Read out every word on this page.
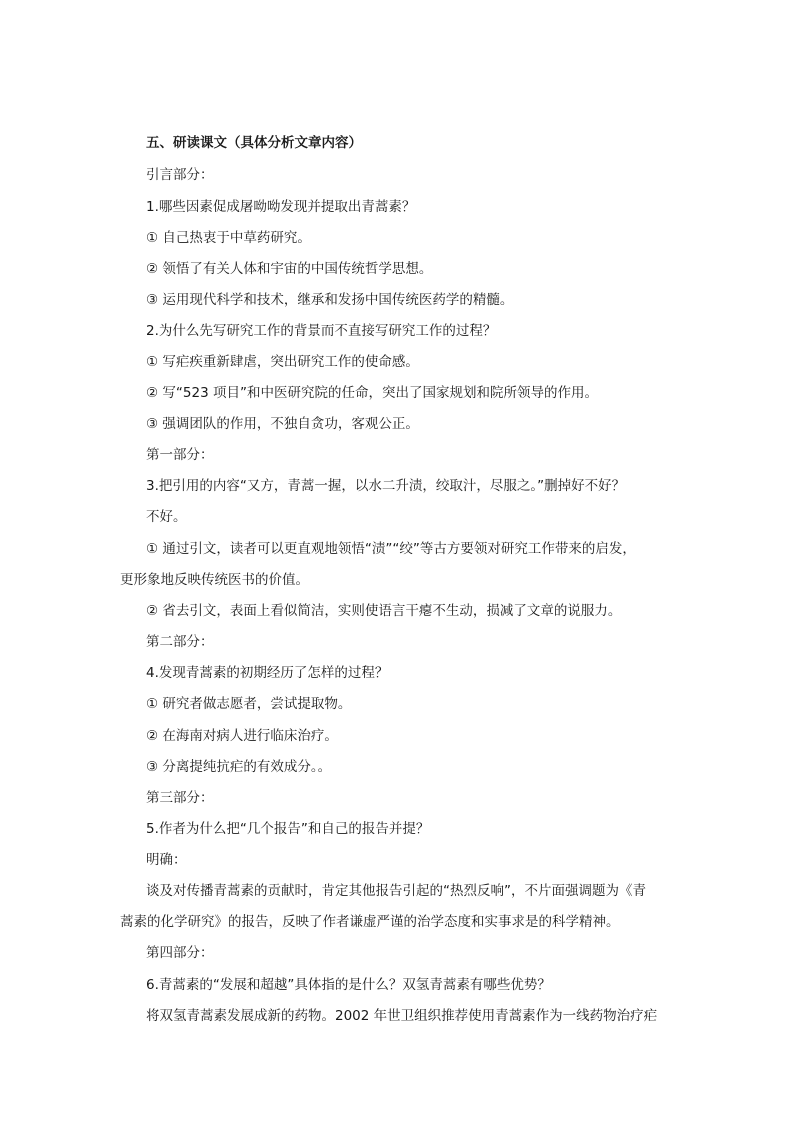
五、研读课文（具体分析文章内容）
引言部分：
1.哪些因素促成屠呦呦发现并提取出青蒿素？
① 自己热衷于中草药研究。
② 领悟了有关人体和宇宙的中国传统哲学思想。
③ 运用现代科学和技术，继承和发扬中国传统医药学的精髓。
2.为什么先写研究工作的背景而不直接写研究工作的过程？
① 写疟疾重新肆虐，突出研究工作的使命感。
② 写“523 项目”和中医研究院的任命，突出了国家规划和院所领导的作用。
③ 强调团队的作用，不独自贪功，客观公正。
第一部分：
3.把引用的内容“又方，青蒿一握，以水二升渍，绞取汁，尽服之。”删掉好不好？
不好。
① 通过引文，读者可以更直观地领悟“渍”“绞”等古方要领对研究工作带来的启发，
更形象地反映传统医书的价值。
② 省去引文，表面上看似简洁，实则使语言干瘪不生动，损减了文章的说服力。
第二部分：
4.发现青蒿素的初期经历了怎样的过程？
① 研究者做志愿者，尝试提取物。
② 在海南对病人进行临床治疗。
③ 分离提纯抗疟的有效成分。。
第三部分：
5.作者为什么把“几个报告”和自己的报告并提？
明确：
谈及对传播青蒿素的贡献时，肯定其他报告引起的“热烈反响”，不片面强调题为《青
蒿素的化学研究》的报告，反映了作者谦虚严谨的治学态度和实事求是的科学精神。
第四部分：
6.青蒿素的“发展和超越”具体指的是什么？双氢青蒿素有哪些优势？
将双氢青蒿素发展成新的药物。2002 年世卫组织推荐使用青蒿素作为一线药物治疗疟
